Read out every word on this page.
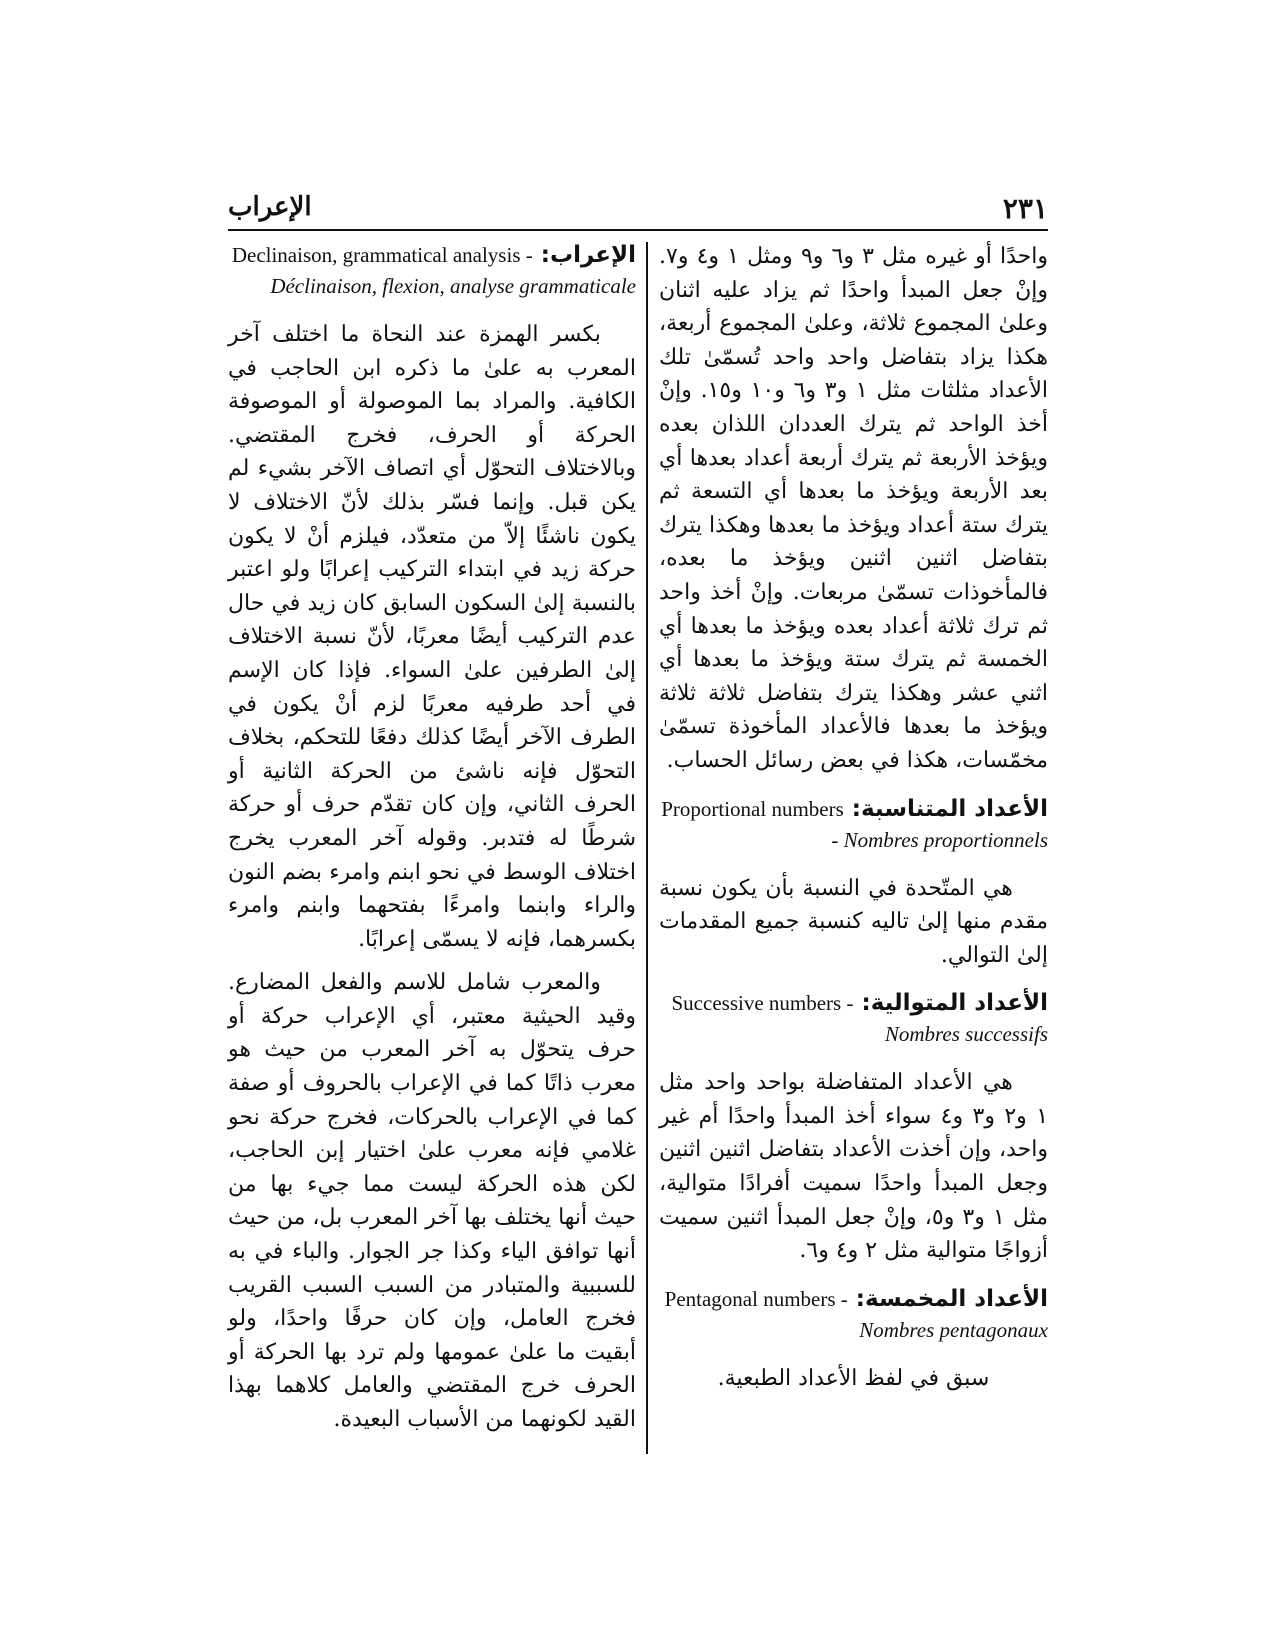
الإعراب	٢٣١

واحدًا أو غيره مثل ٣ و٦ و٩ ومثل ١ و٤ و٧. وإنْ جعل المبدأ واحدًا ثم يزاد عليه اثنان وعلىٰ المجموع ثلاثة، وعلىٰ المجموع أربعة، هكذا يزاد بتفاضل واحد واحد تُسمّىٰ تلك الأعداد مثلثات مثل ١ و٣ و٦ و١٠ و١٥. وإنْ أخذ الواحد ثم يترك العددان اللذان بعده ويؤخذ الأربعة ثم يترك أربعة أعداد بعدها أي بعد الأربعة ويؤخذ ما بعدها أي التسعة ثم يترك ستة أعداد ويؤخذ ما بعدها وهكذا يترك بتفاضل اثنين اثنين ويؤخذ ما بعده، فالمأخوذات تسمّىٰ مربعات. وإنْ أخذ واحد ثم ترك ثلاثة أعداد بعده ويؤخذ ما بعدها أي الخمسة ثم يترك ستة ويؤخذ ما بعدها أي اثني عشر وهكذا يترك بتفاضل ثلاثة ثلاثة ويؤخذ ما بعدها فالأعداد المأخوذة تسمّىٰ مخمّسات، هكذا في بعض رسائل الحساب.

الأعداد المتناسبة: Proportional numbers
- Nombres proportionnels

هي المتّحدة في النسبة بأن يكون نسبة مقدم منها إلىٰ تاليه كنسبة جميع المقدمات إلىٰ التوالي.

الأعداد المتوالية: Successive numbers -
Nombres successifs

هي الأعداد المتفاضلة بواحد واحد مثل ١ و٢ و٣ و٤ سواء أخذ المبدأ واحدًا أم غير واحد، وإن أخذت الأعداد بتفاضل اثنين اثنين وجعل المبدأ واحدًا سميت أفرادًا متوالية، مثل ١ و٣ و٥، وإنْ جعل المبدأ اثنين سميت أزواجًا متوالية مثل ٢ و٤ و٦.

الأعداد المخمسة: Pentagonal numbers -
Nombres pentagonaux

سبق في لفظ الأعداد الطبعية.

الإعراب: Declinaison, grammatical analysis - Déclinaison, flexion, analyse grammaticale

بكسر الهمزة عند النحاة ما اختلف آخر المعرب به علىٰ ما ذكره ابن الحاجب في الكافية. والمراد بما الموصولة أو الموصوفة الحركة أو الحرف، فخرج المقتضي. وبالاختلاف التحوّل أي اتصاف الآخر بشيء لم يكن قبل. وإنما فسّر بذلك لأنّ الاختلاف لا يكون ناشئًا إلاّ من متعدّد، فيلزم أنْ لا يكون حركة زيد في ابتداء التركيب إعرابًا ولو اعتبر بالنسبة إلىٰ السكون السابق كان زيد في حال عدم التركيب أيضًا معربًا، لأنّ نسبة الاختلاف إلىٰ الطرفين علىٰ السواء. فإذا كان الإسم في أحد طرفيه معربًا لزم أنْ يكون في الطرف الآخر أيضًا كذلك دفعًا للتحكم، بخلاف التحوّل فإنه ناشئ من الحركة الثانية أو الحرف الثاني، وإن كان تقدّم حرف أو حركة شرطًا له فتدبر. وقوله آخر المعرب يخرج اختلاف الوسط في نحو ابنم وامرء بضم النون والراء وابنما وامرءًا بفتحهما وابنم وامرء بكسرهما، فإنه لا يسمّى إعرابًا.

والمعرب شامل للاسم والفعل المضارع. وقيد الحيثية معتبر، أي الإعراب حركة أو حرف يتحوّل به آخر المعرب من حيث هو معرب ذاتًا كما في الإعراب بالحروف أو صفة كما في الإعراب بالحركات، فخرج حركة نحو غلامي فإنه معرب علىٰ اختيار إبن الحاجب، لكن هذه الحركة ليست مما جيء بها من حيث أنها يختلف بها آخر المعرب بل، من حيث أنها توافق الياء وكذا جر الجوار. والباء في به للسببية والمتبادر من السبب السبب القريب فخرج العامل، وإن كان حرفًا واحدًا، ولو أبقيت ما علىٰ عمومها ولم ترد بها الحركة أو الحرف خرج المقتضي والعامل كلاهما بهذا القيد لكونهما من الأسباب البعيدة.
